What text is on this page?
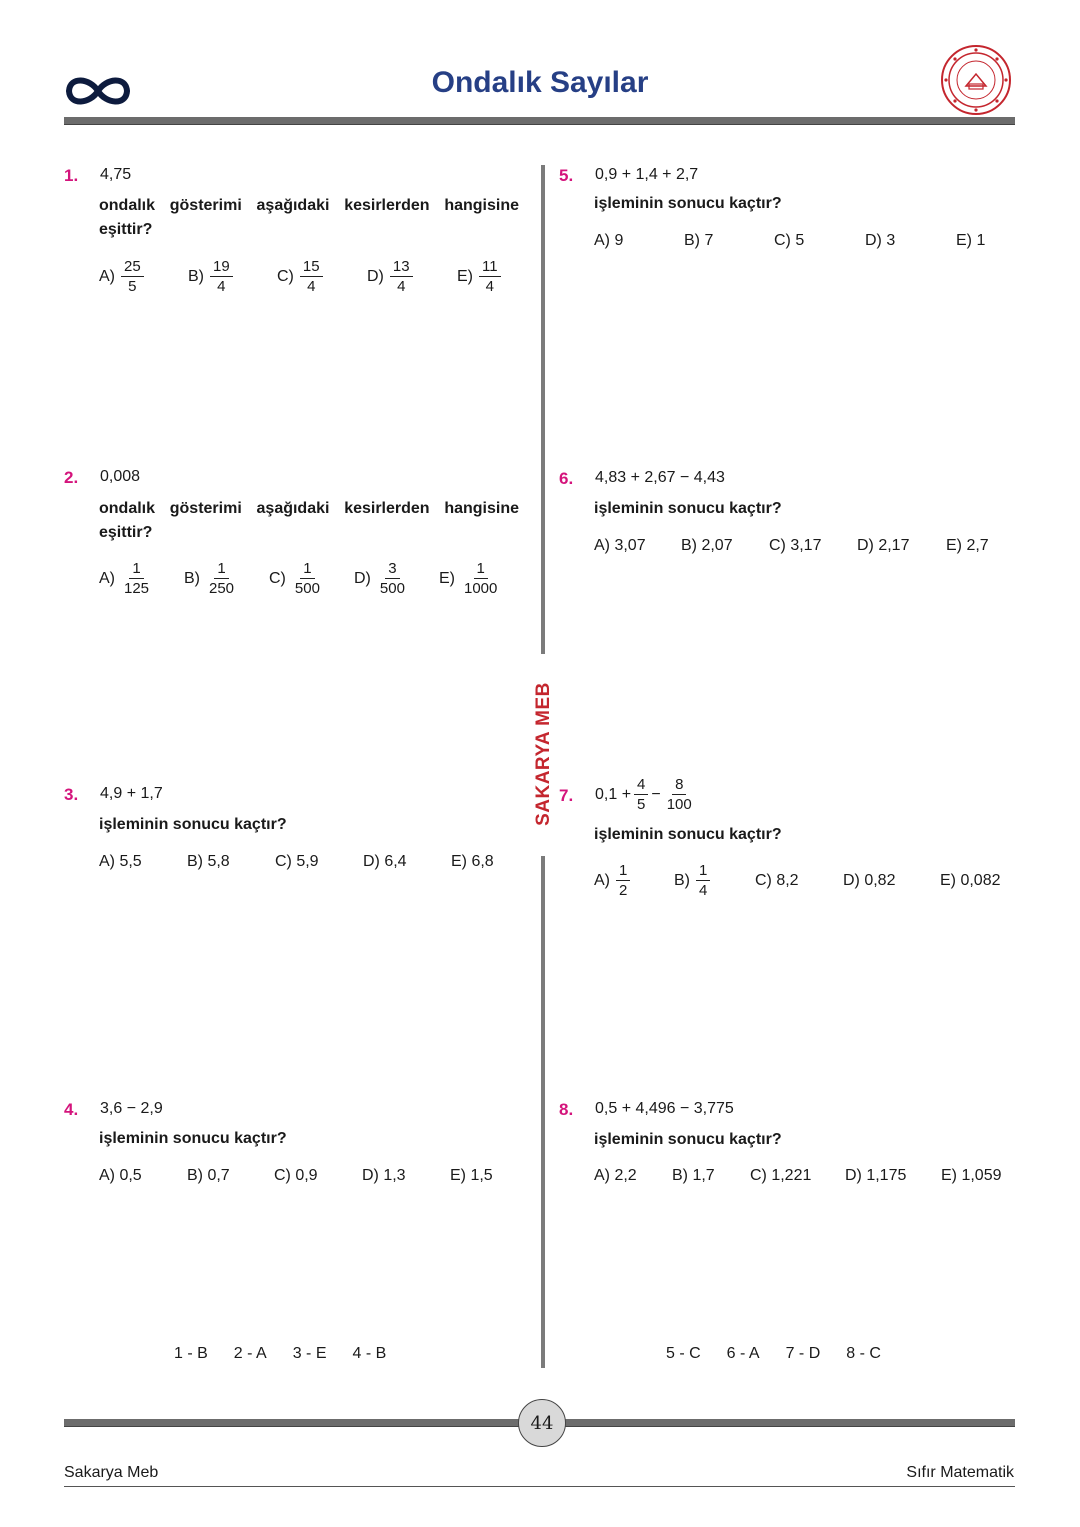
Ondalık Sayılar
SAKARYA MEB
1. 4,75
ondalık gösterimi aşağıdaki kesirlerden hangisine eşittir?
$A) \frac{25}{5}$	$B) \frac{19}{4}$	$C) \frac{15}{4}$	$D) \frac{13}{4}$	$E) \frac{11}{4}$
2. 0,008
ondalık gösterimi aşağıdaki kesirlerden hangisine eşittir?
$A) \frac{1}{125} B) \frac{1}{250} C) \frac{1}{500} D) \frac{3}{500} E) \frac{1}{1000}$
3. 4,9 + 1,7
işleminin sonucu kaçtır?
A) 5,5	B) 5,8	C) 5,9	D) 6,4	E) 6,8
4. 3,6 − 2,9
işleminin sonucu kaçtır?
A) 0,5	B) 0,7	C) 0,9	D) 1,3	E) 1,5
5. 0,9 + 1,4 + 2,7
işleminin sonucu kaçtır?
A) 9	B) 7	C) 5	D) 3	E) 1
6. 4,83 + 2,67 − 4,43
işleminin sonucu kaçtır?
A) 3,07 B) 2,07 C) 3,17 D) 2,17 E) 2,7
7. $0,1 + \frac{4}{5} - \frac{8}{100}$
işleminin sonucu kaçtır?
$A) \frac{1}{2}$	$B) \frac{1}{4}$	C) 8,2	D) 0,82	E) 0,082
8. 0,5 + 4,496 − 3,775
işleminin sonucu kaçtır?
A) 2,2 B) 1,7 C) 1,221 D) 1,175 E) 1,059
1 - B 2 - A 3 - E 4 - B	5 - C 6 - A 7 - D 8 - C
44
Sakarya Meb	Sıfır Matematik
